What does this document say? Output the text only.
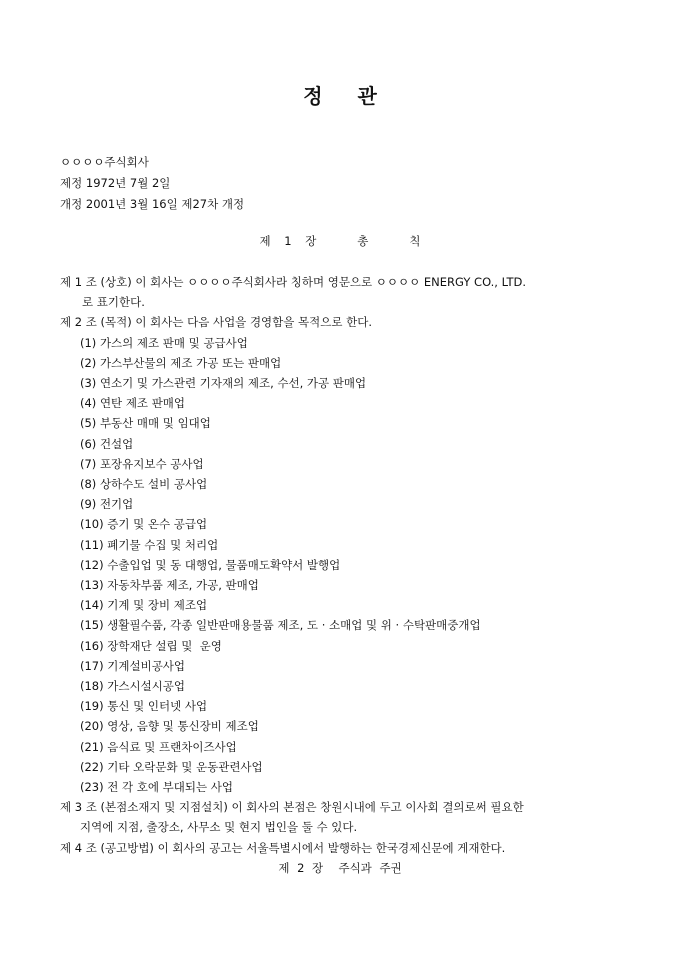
정 관
ㅇㅇㅇㅇ주식회사
제정 1972년 7월 2일
개정 2001년 3월 16일 제27차 개정
제 1 장   총   칙
제 1 조 (상호) 이 회사는 ㅇㅇㅇㅇ주식회사라 칭하며 영문으로 ㅇㅇㅇㅇ ENERGY CO., LTD.
로 표기한다.
제 2 조 (목적) 이 회사는 다음 사업을 경영함을 목적으로 한다.
(1) 가스의 제조 판매 및 공급사업
(2) 가스부산물의 제조 가공 또는 판매업
(3) 연소기 및 가스관련 기자재의 제조, 수선, 가공 판매업
(4) 연탄 제조 판매업
(5) 부동산 매매 및 임대업
(6) 건설업
(7) 포장유지보수 공사업
(8) 상하수도 설비 공사업
(9) 전기업
(10) 증기 및 온수 공급업
(11) 폐기물 수집 및 처리업
(12) 수출입업 및 동 대행업, 물품매도확약서 발행업
(13) 자동차부품 제조, 가공, 판매업
(14) 기계 및 장비 제조업
(15) 생활필수품, 각종 일반판매용물품 제조, 도 · 소매업 및 위 · 수탁판매중개업
(16) 장학재단 설립 및  운영
(17) 기계설비공사업
(18) 가스시설시공업
(19) 통신 및 인터넷 사업
(20) 영상, 음향 및 통신장비 제조업
(21) 음식료 및 프랜차이즈사업
(22) 기타 오락문화 및 운동관련사업
(23) 전 각 호에 부대되는 사업
제 3 조 (본점소재지 및 지점설치) 이 회사의 본점은 창원시내에 두고 이사회 결의로써 필요한
지역에 지점, 출장소, 사무소 및 현지 법인을 둘 수 있다.
제 4 조 (공고방법) 이 회사의 공고는 서울특별시에서 발행하는 한국경제신문에 게재한다.
제 2 장  주식과 주권
